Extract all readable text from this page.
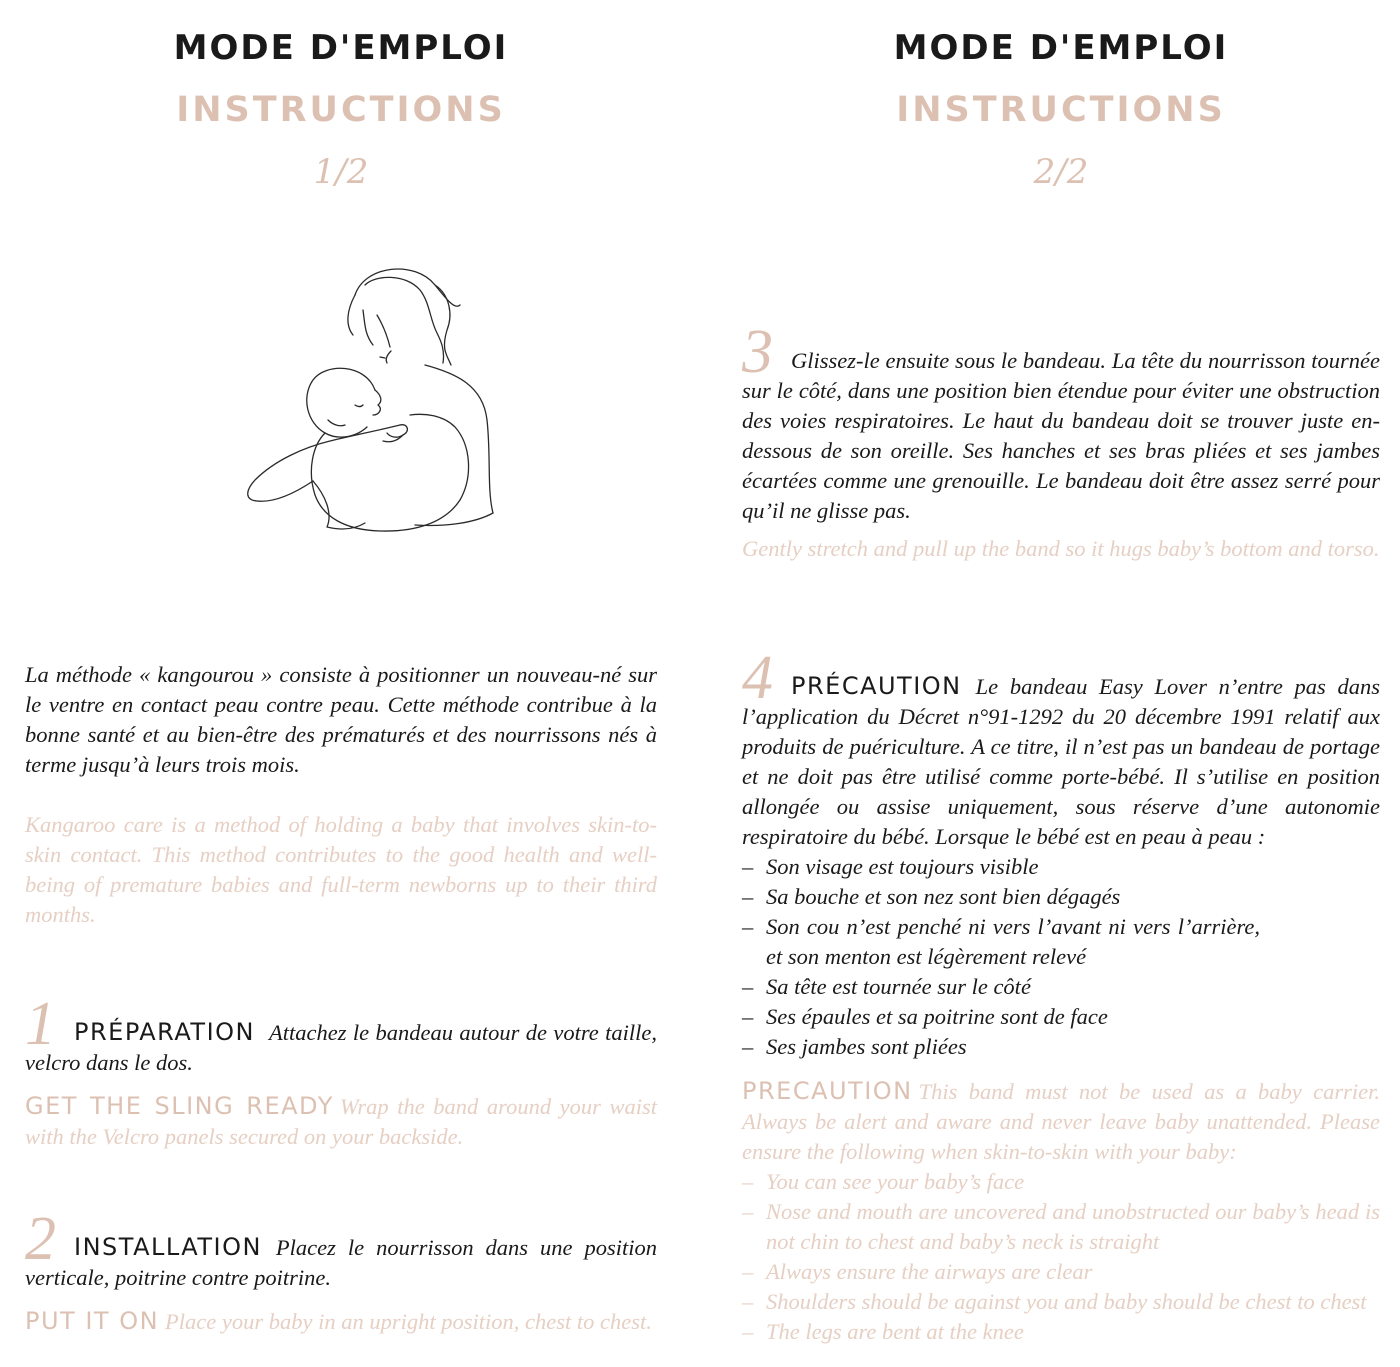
MODE D'EMPLOI
INSTRUCTIONS
1/2

La méthode « kangourou » consiste à positionner un nouveau-né sur le ventre en contact peau contre peau. Cette méthode contribue à la bonne santé et au bien-être des prématurés et des nourrissons nés à terme jusqu’à leurs trois mois.

Kangaroo care is a method of holding a baby that involves skin-to-skin contact. This method contributes to the good health and well-being of premature babies and full-term newborns up to their third months.

1 PRÉPARATION Attachez le bandeau autour de votre taille, velcro dans le dos.

GET THE SLING READY Wrap the band around your waist with the Velcro panels secured on your backside.

2 INSTALLATION Placez le nourrisson dans une position verticale, poitrine contre poitrine.

PUT IT ON Place your baby in an upright position, chest to chest.

MODE D'EMPLOI
INSTRUCTIONS
2/2

3 Glissez-le ensuite sous le bandeau. La tête du nourrisson tournée sur le côté, dans une position bien étendue pour éviter une obstruction des voies respiratoires. Le haut du bandeau doit se trouver juste en-dessous de son oreille. Ses hanches et ses bras pliées et ses jambes écartées comme une grenouille. Le bandeau doit être assez serré pour qu’il ne glisse pas.

Gently stretch and pull up the band so it hugs baby’s bottom and torso.

4 PRÉCAUTION Le bandeau Easy Lover n’entre pas dans l’application du Décret n°91-1292 du 20 décembre 1991 relatif aux produits de puériculture. A ce titre, il n’est pas un bandeau de portage et ne doit pas être utilisé comme porte-bébé. Il s’utilise en position allongée ou assise uniquement, sous réserve d’une autonomie respiratoire du bébé. Lorsque le bébé est en peau à peau :

– Son visage est toujours visible
– Sa bouche et son nez sont bien dégagés
– Son cou n’est penché ni vers l’avant ni vers l’arrière, et son menton est légèrement relevé
– Sa tête est tournée sur le côté
– Ses épaules et sa poitrine sont de face
– Ses jambes sont pliées

PRECAUTION This band must not be used as a baby carrier. Always be alert and aware and never leave baby unattended. Please ensure the following when skin-to-skin with your baby:

– You can see your baby’s face
– Nose and mouth are uncovered and unobstructed our baby’s head is not chin to chest and baby’s neck is straight
– Always ensure the airways are clear
– Shoulders should be against you and baby should be chest to chest
– The legs are bent at the knee
